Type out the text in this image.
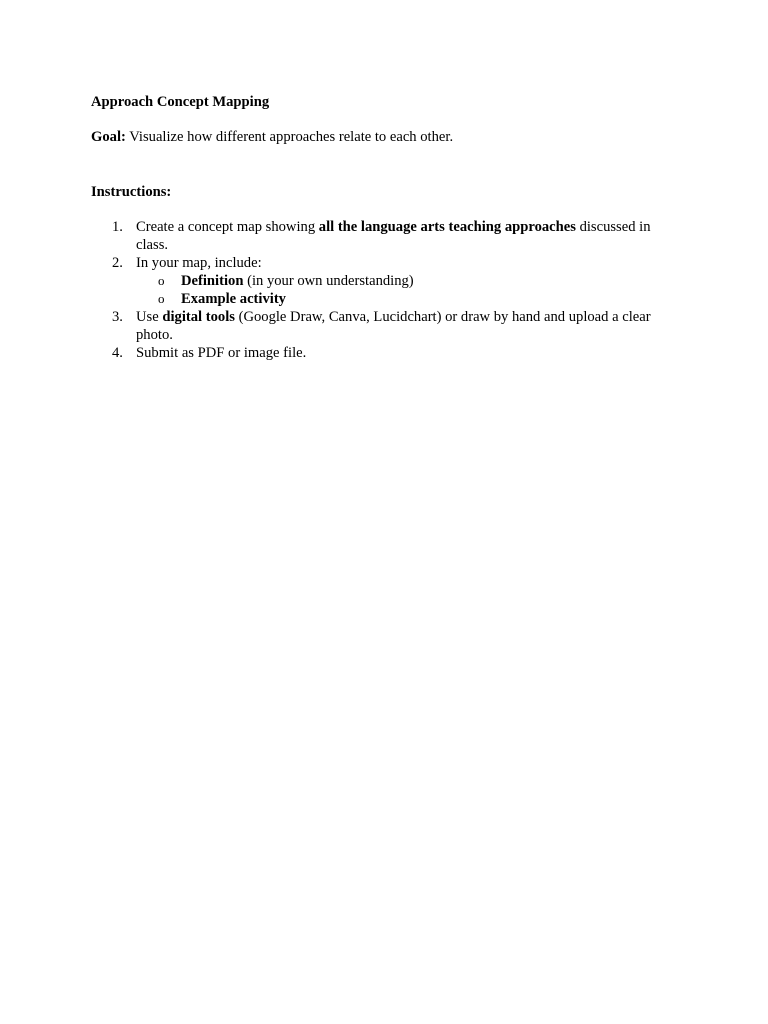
Approach Concept Mapping

Goal: Visualize how different approaches relate to each other.
Instructions:
1. Create a concept map showing all the language arts teaching approaches discussed in class.
2. In your map, include:
o Definition (in your own understanding)
o Example activity
3. Use digital tools (Google Draw, Canva, Lucidchart) or draw by hand and upload a clear photo.
4. Submit as PDF or image file.
